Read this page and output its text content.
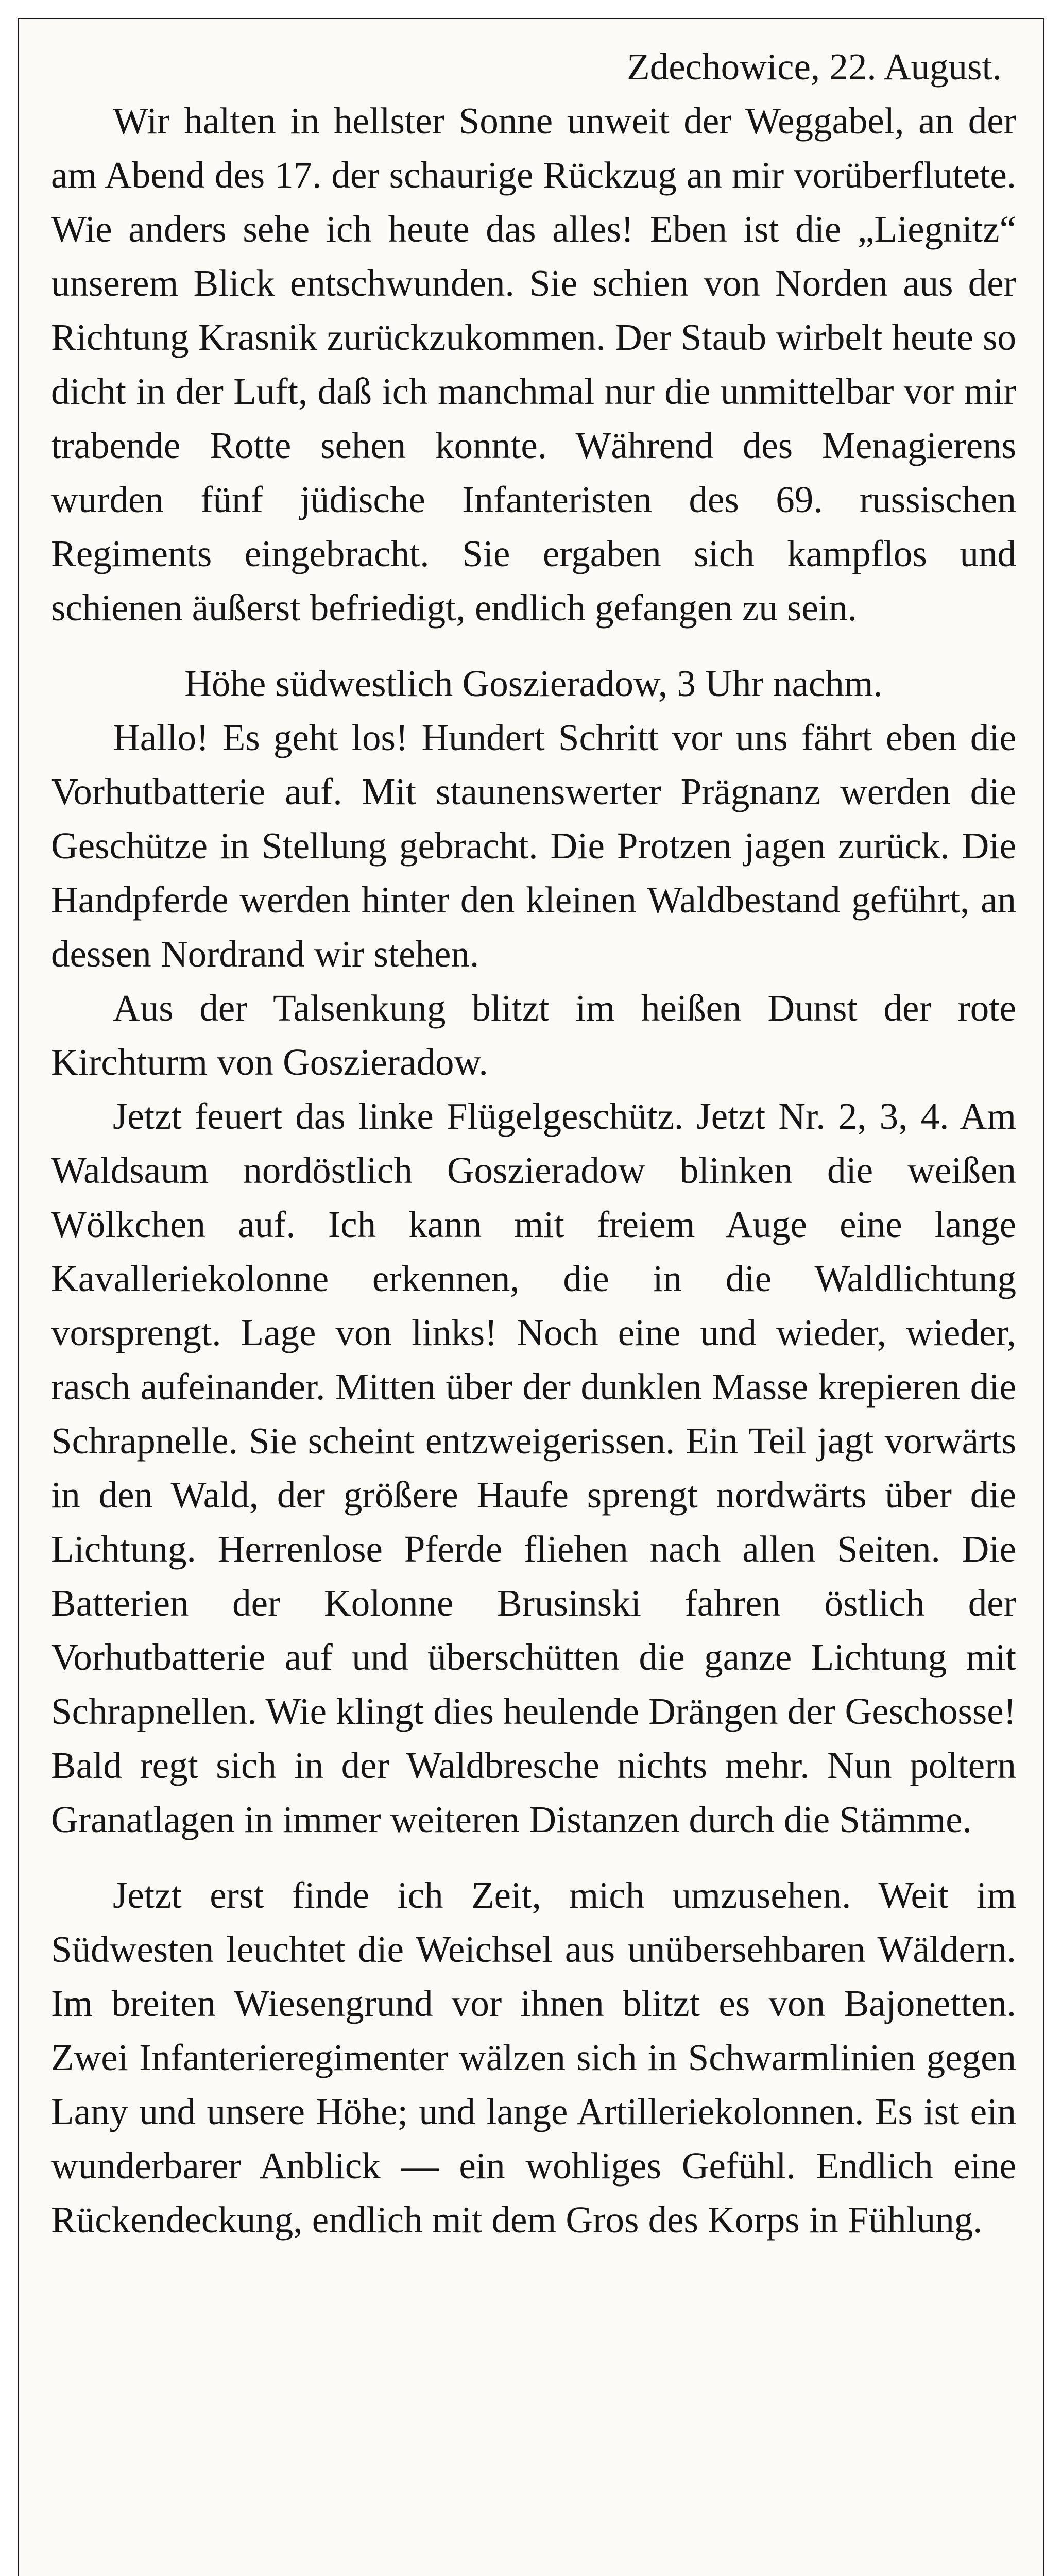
Zdechowice, 22. August.

Wir halten in hellster Sonne unweit der Weggabel, an der am Abend des 17. der schaurige Rückzug an mir vorüberflutete. Wie anders sehe ich heute das alles! Eben ist die „Liegnitz“ unserem Blick entschwunden. Sie schien von Norden aus der Richtung Krasnik zurückzukommen. Der Staub wirbelt heute so dicht in der Luft, daß ich manchmal nur die unmittelbar vor mir trabende Rotte sehen konnte. Während des Menagierens wurden fünf jüdische Infanteristen des 69. russischen Regiments eingebracht. Sie ergaben sich kampflos und schienen äußerst befriedigt, endlich gefangen zu sein.

Höhe südwestlich Goszieradow, 3 Uhr nachm.

Hallo! Es geht los! Hundert Schritt vor uns fährt eben die Vorhutbatterie auf. Mit staunenswerter Prägnanz werden die Geschütze in Stellung gebracht. Die Protzen jagen zurück. Die Handpferde werden hinter den kleinen Waldbestand geführt, an dessen Nordrand wir stehen.

Aus der Talsenkung blitzt im heißen Dunst der rote Kirchturm von Goszieradow.

Jetzt feuert das linke Flügelgeschütz. Jetzt Nr. 2, 3, 4. Am Waldsaum nordöstlich Goszieradow blinken die weißen Wölkchen auf. Ich kann mit freiem Auge eine lange Kavalleriekolonne erkennen, die in die Waldlichtung vorsprengt. Lage von links! Noch eine und wieder, wieder, rasch aufeinander. Mitten über der dunklen Masse krepieren die Schrapnelle. Sie scheint entzweigerissen. Ein Teil jagt vorwärts in den Wald, der größere Haufe sprengt nordwärts über die Lichtung. Herrenlose Pferde fliehen nach allen Seiten. Die Batterien der Kolonne Brusinski fahren östlich der Vorhutbatterie auf und überschütten die ganze Lichtung mit Schrapnellen. Wie klingt dies heulende Drängen der Geschosse! Bald regt sich in der Waldbresche nichts mehr. Nun poltern Granatlagen in immer weiteren Distanzen durch die Stämme.

Jetzt erst finde ich Zeit, mich umzusehen. Weit im Südwesten leuchtet die Weichsel aus unübersehbaren Wäldern. Im breiten Wiesengrund vor ihnen blitzt es von Bajonetten. Zwei Infanterieregimenter wälzen sich in Schwarmlinien gegen Lany und unsere Höhe; und lange Artilleriekolonnen. Es ist ein wunderbarer Anblick — ein wohliges Gefühl. Endlich eine Rückendeckung, endlich mit dem Gros des Korps in Fühlung.
